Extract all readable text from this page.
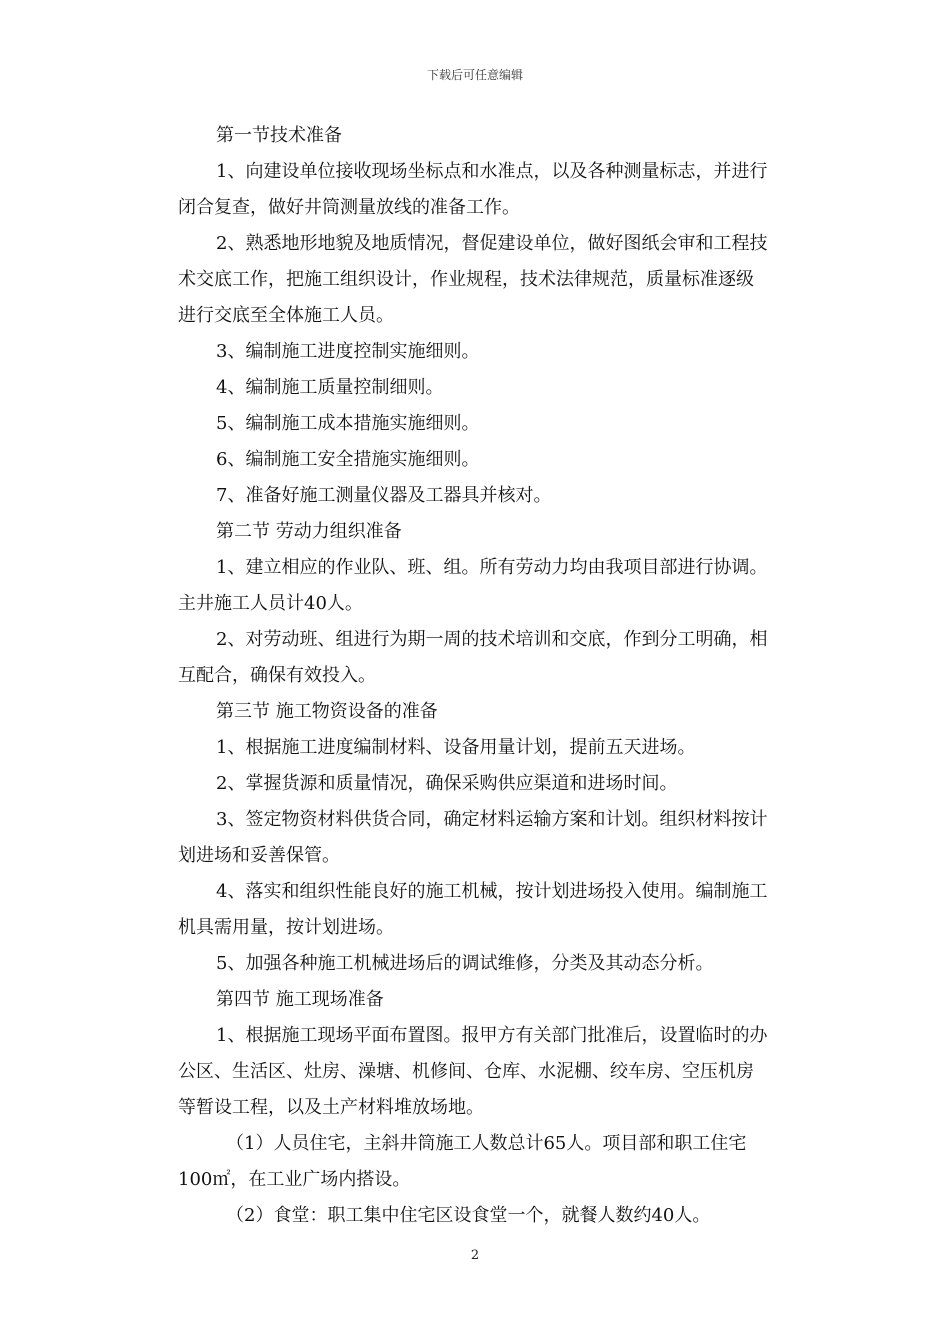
下载后可任意编辑
第一节技术准备
1、向建设单位接收现场坐标点和水准点，以及各种测量标志，并进行
闭合复查，做好井筒测量放线的准备工作。
2、熟悉地形地貌及地质情况，督促建设单位，做好图纸会审和工程技
术交底工作，把施工组织设计，作业规程，技术法律规范，质量标准逐级
进行交底至全体施工人员。
3、编制施工进度控制实施细则。
4、编制施工质量控制细则。
5、编制施工成本措施实施细则。
6、编制施工安全措施实施细则。
7、准备好施工测量仪器及工器具并核对。
第二节 劳动力组织准备
1、建立相应的作业队、班、组。所有劳动力均由我项目部进行协调。
主井施工人员计40人。
2、对劳动班、组进行为期一周的技术培训和交底，作到分工明确，相
互配合，确保有效投入。
第三节 施工物资设备的准备
1、根据施工进度编制材料、设备用量计划，提前五天进场。
2、掌握货源和质量情况，确保采购供应渠道和进场时间。
3、签定物资材料供货合同，确定材料运输方案和计划。组织材料按计
划进场和妥善保管。
4、落实和组织性能良好的施工机械，按计划进场投入使用。编制施工
机具需用量，按计划进场。
5、加强各种施工机械进场后的调试维修，分类及其动态分析。
第四节 施工现场准备
1、根据施工现场平面布置图。报甲方有关部门批准后，设置临时的办
公区、生活区、灶房、澡塘、机修间、仓库、水泥棚、绞车房、空压机房
等暂设工程，以及土产材料堆放场地。
（1）人员住宅，主斜井筒施工人数总计65人。项目部和职工住宅
100㎡，在工业广场内搭设。
（2）食堂：职工集中住宅区设食堂一个，就餐人数约40人。
2
